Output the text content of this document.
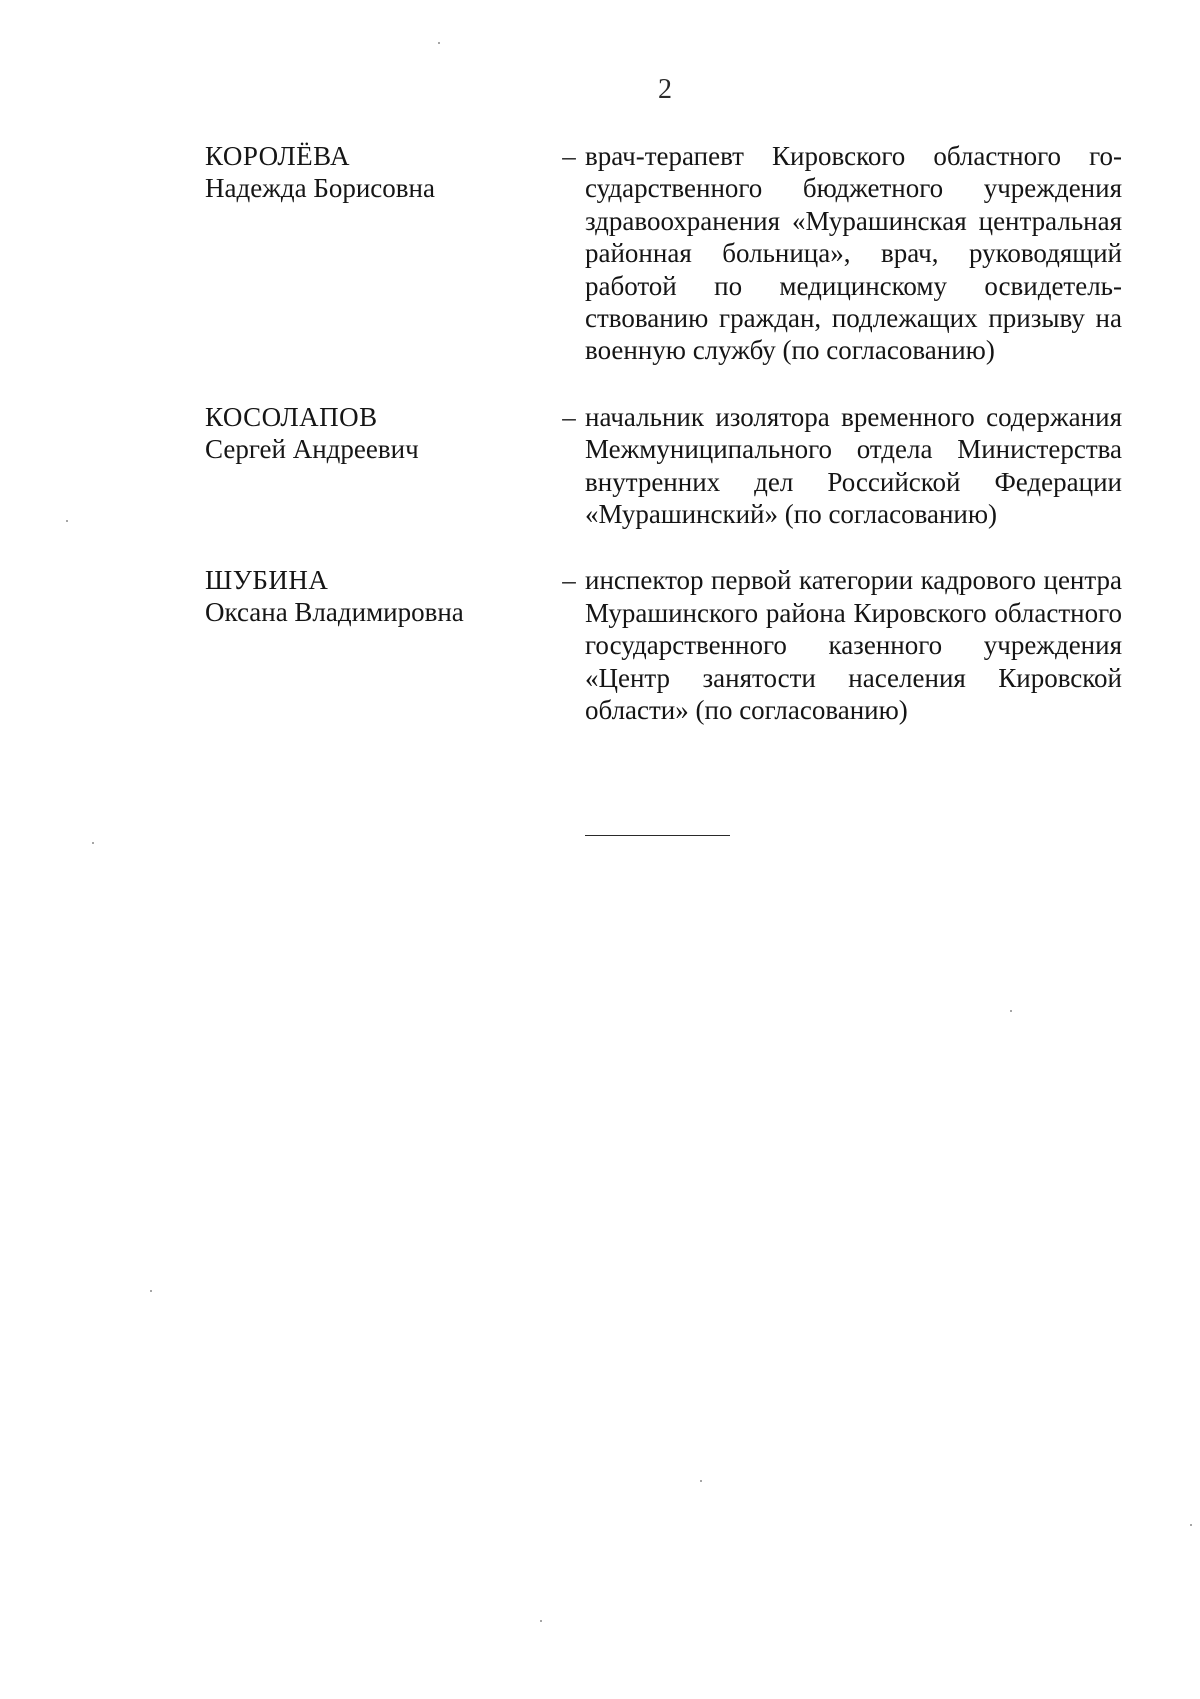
2
КОРОЛЁВА
Надежда Борисовна
– врач-терапевт Кировского областного государственного бюджетного учреждения здравоохранения «Мурашинская центральная районная больница», врач, руководящий работой по медицинскому освидетельствованию граждан, подлежащих призыву на военную службу (по согласованию)
КОСОЛАПОВ
Сергей Андреевич
– начальник изолятора временного содержания Межмуниципального отдела Министерства внутренних дел Российской Федерации «Мурашинский» (по согласованию)
ШУБИНА
Оксана Владимировна
– инспектор первой категории кадрового центра Мурашинского района Кировского областного государственного казенного учреждения «Центр занятости населения Кировской области» (по согласованию)
